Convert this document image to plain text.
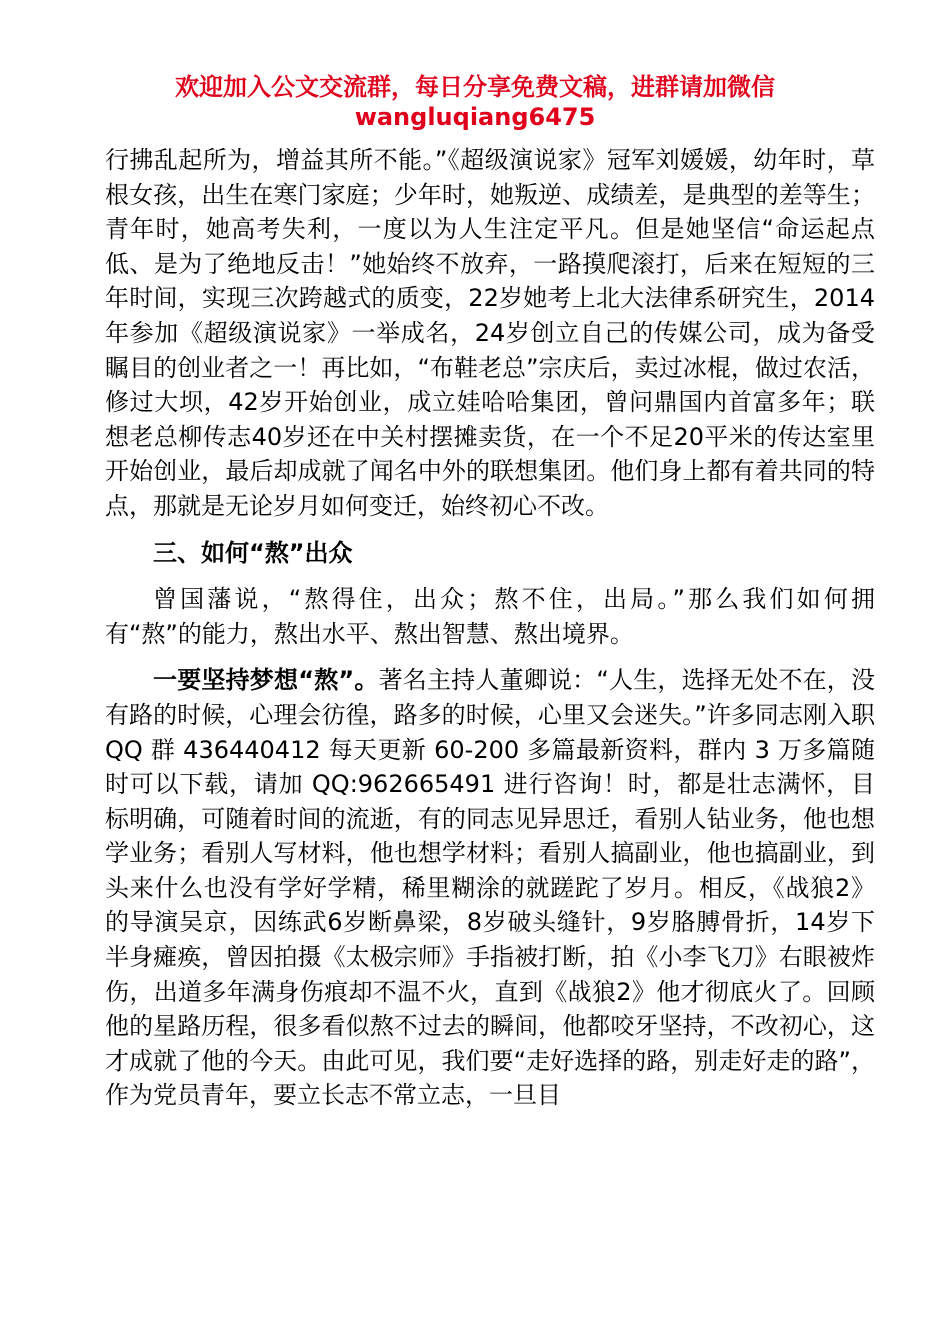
欢迎加入公文交流群，每日分享免费文稿，进群请加微信
wangluqiang6475

行拂乱起所为，增益其所不能。”《超级演说家》冠军刘媛媛，幼年时，草根女孩，出生在寒门家庭；少年时，她叛逆、成绩差，是典型的差等生；青年时，她高考失利，一度以为人生注定平凡。但是她坚信“命运起点低、是为了绝地反击！”她始终不放弃，一路摸爬滚打，后来在短短的三年时间，实现三次跨越式的质变，22岁她考上北大法律系研究生，2014年参加《超级演说家》一举成名，24岁创立自己的传媒公司，成为备受瞩目的创业者之一！再比如，“布鞋老总”宗庆后，卖过冰棍，做过农活，修过大坝，42岁开始创业，成立娃哈哈集团，曾问鼎国内首富多年；联想老总柳传志40岁还在中关村摆摊卖货，在一个不足20平米的传达室里开始创业，最后却成就了闻名中外的联想集团。他们身上都有着共同的特点，那就是无论岁月如何变迁，始终初心不改。

三、如何“熬”出众

曾国藩说，“熬得住，出众；熬不住，出局。”那么我们如何拥有“熬”的能力，熬出水平、熬出智慧、熬出境界。

一要坚持梦想“熬”。著名主持人董卿说：“人生，选择无处不在，没有路的时候，心理会彷徨，路多的时候，心里又会迷失。”许多同志刚入职 QQ 群 436440412 每天更新 60-200 多篇最新资料，群内 3 万多篇随时可以下载，请加 QQ:962665491 进行咨询！时，都是壮志满怀，目标明确，可随着时间的流逝，有的同志见异思迁，看别人钻业务，他也想学业务；看别人写材料，他也想学材料；看别人搞副业，他也搞副业，到头来什么也没有学好学精，稀里糊涂的就蹉跎了岁月。相反，《战狼2》的导演吴京，因练武6岁断鼻梁，8岁破头缝针，9岁胳膊骨折，14岁下半身瘫痪，曾因拍摄《太极宗师》手指被打断，拍《小李飞刀》右眼被炸伤，出道多年满身伤痕却不温不火，直到《战狼2》他才彻底火了。回顾他的星路历程，很多看似熬不过去的瞬间，他都咬牙坚持，不改初心，这才成就了他的今天。由此可见，我们要“走好选择的路，别走好走的路”，作为党员青年，要立长志不常立志，一旦目
